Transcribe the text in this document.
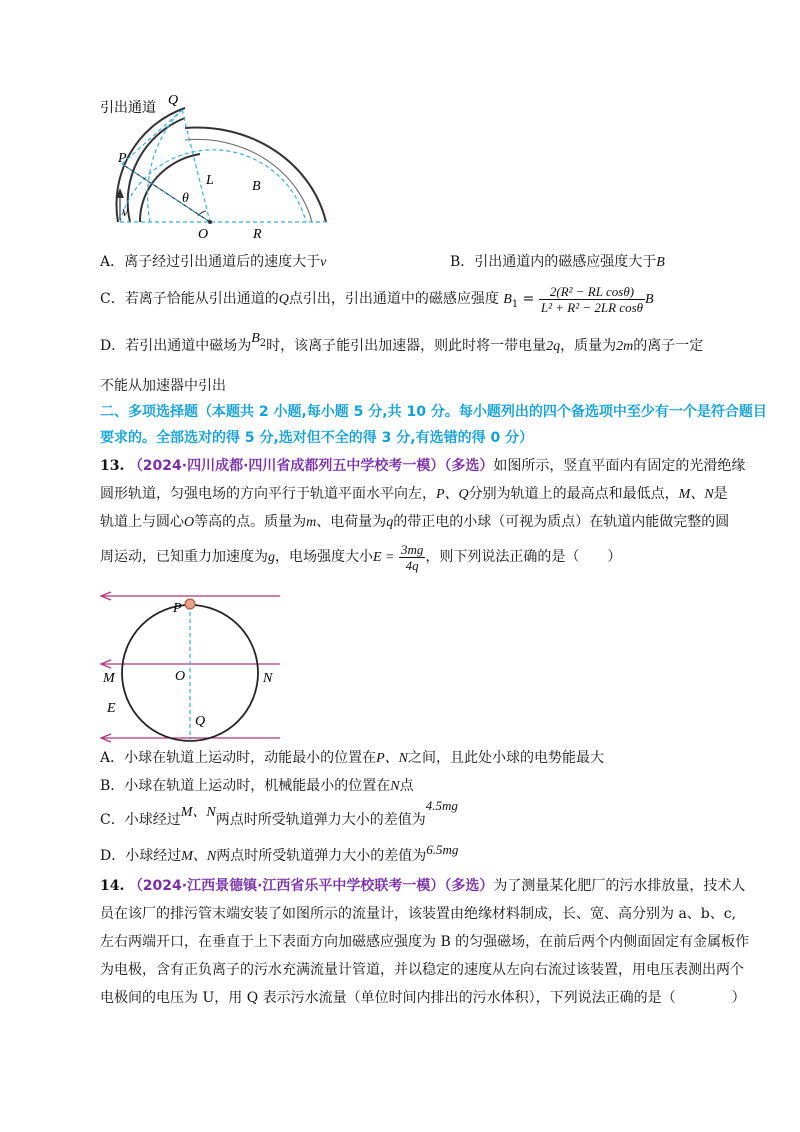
引出通道 Q
P
L	B
θ
v
O	R
A．离子经过引出通道后的速度大于v	B．引出通道内的磁感应强度大于B
C．若离子恰能从引出通道的Q点引出，引出通道中的磁感应强度 $B_1 = \frac{\text{2(R² − RL cosθ)}}{\text{L² + R² − 2LR cosθ}}$ B
D．若引出通道中磁场为$B_2$时，该离子能引出加速器，则此时将一带电量2q，质量为2m的离子一定
不能从加速器中引出
二、多项选择题（本题共 2 小题,每小题 5 分,共 10 分。每小题列出的四个备选项中至少有一个是符合题目
要求的。全部选对的得 5 分,选对但不全的得 3 分,有选错的得 0 分）
13. （2024·四川成都·四川省成都列五中学校考一模）（多选）如图所示，竖直平面内有固定的光滑绝缘
圆形轨道，匀强电场的方向平行于轨道平面水平向左，P、Q分别为轨道上的最高点和最低点，M、N是
轨道上与圆心O等高的点。质量为m、电荷量为q的带正电的小球（可视为质点）在轨道内能做完整的圆
周运动，已知重力加速度为g，电场强度大小$E = \frac{3mg}{4q}$ ，则下列说法正确的是（　　）
P
O
M	N
E
Q
A．小球在轨道上运动时，动能最小的位置在P、N之间，且此处小球的电势能最大
B．小球在轨道上运动时，机械能最小的位置在N点
C．小球经过M、N两点时所受轨道弹力大小的差值为4.5mg
D．小球经过M、N两点时所受轨道弹力大小的差值为6.5mg
14. （2024·江西景德镇·江西省乐平中学校联考一模）（多选）为了测量某化肥厂的污水排放量，技术人
员在该厂的排污管末端安装了如图所示的流量计，该装置由绝缘材料制成，长、宽、高分别为 a、b、c,
左右两端开口，在垂直于上下表面方向加磁感应强度为 B 的匀强磁场，在前后两个内侧面固定有金属板作
为电极，含有正负离子的污水充满流量计管道，并以稳定的速度从左向右流过该装置，用电压表测出两个
电极间的电压为 U，用 Q 表示污水流量（单位时间内排出的污水体积），下列说法正确的是（　　　　）
